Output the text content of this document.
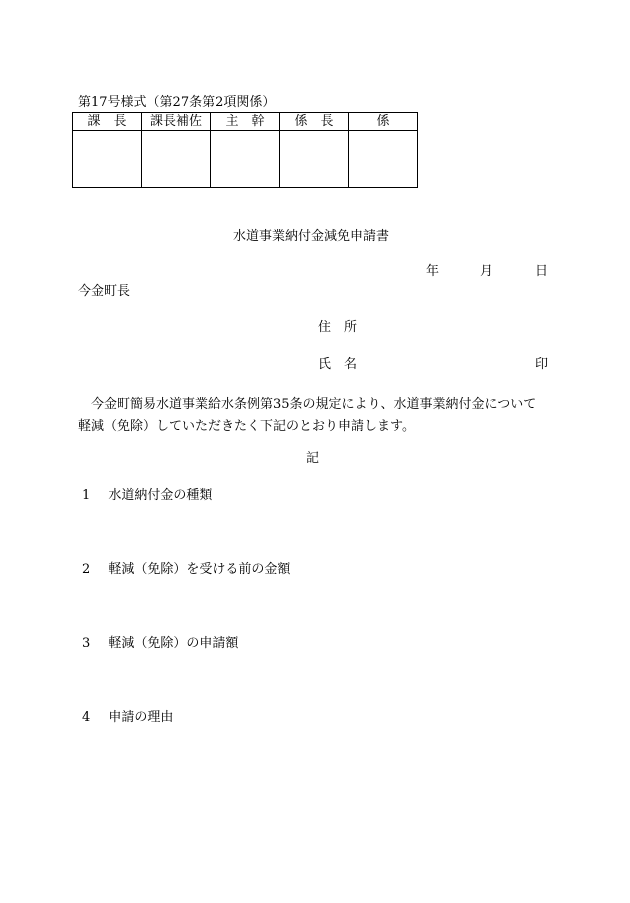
第17号様式（第27条第2項関係）
課　長	課長補佐	主　幹	係　長	係

水道事業納付金減免申請書
年	月	日
今金町長
住　所
氏　名	印
今金町簡易水道事業給水条例第35条の規定により、水道事業納付金について軽減（免除）していただきたく下記のとおり申請します。
記
1 水道納付金の種類
2 軽減（免除）を受ける前の金額
3 軽減（免除）の申請額
4 申請の理由
